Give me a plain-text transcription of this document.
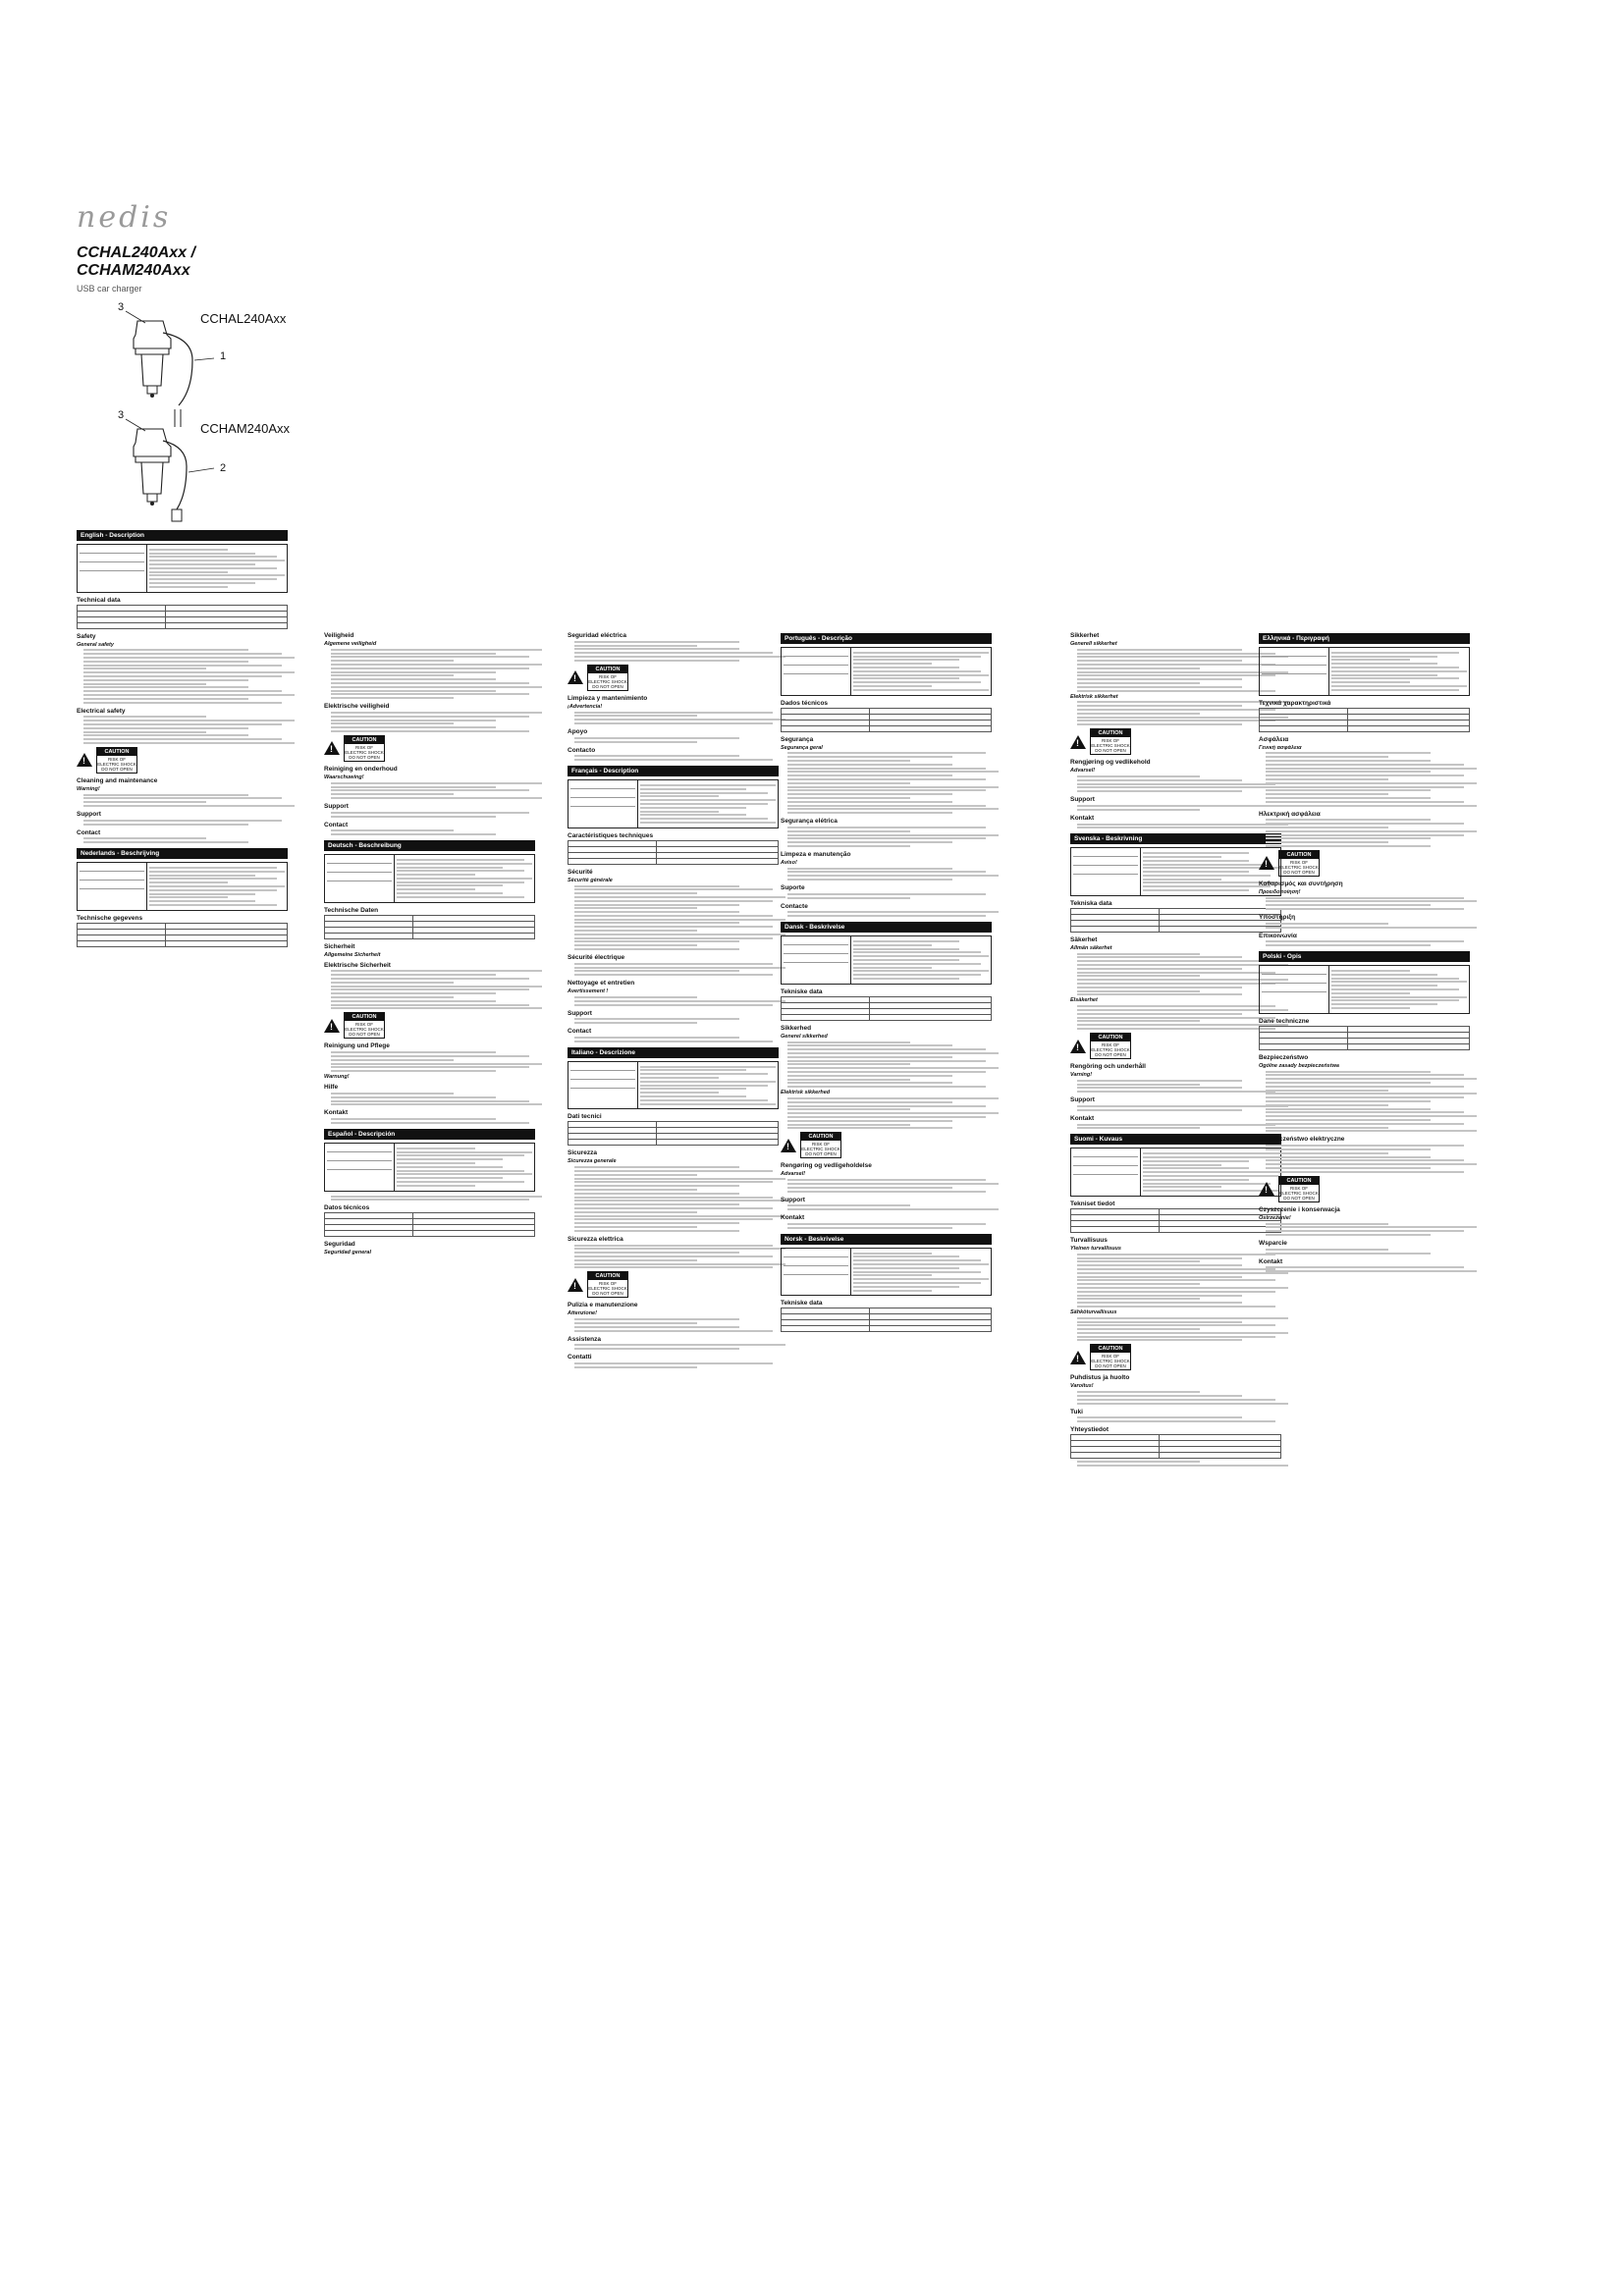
nedis
CCHAL240Axx / CCHAM240Axx
USB car charger
3
CCHAL240Axx
1
3
CCHAM240Axx
2
English - Description
Technical data

Safety
General safety
Electrical safety
!
CAUTION
RISK OF ELECTRIC SHOCK
DO NOT OPEN
Cleaning and maintenance
Warning!
Support
Contact
Nederlands - Beschrijving
Technische gegevens

Veiligheid
Algemene veiligheid
Elektrische veiligheid
!
CAUTION
RISK OF ELECTRIC SHOCK
DO NOT OPEN
Reiniging en onderhoud
Waarschuwing!
Support
Contact
Deutsch - Beschreibung
Technische Daten

Sicherheit
Allgemeine Sicherheit
Elektrische Sicherheit
!
CAUTION
RISK OF ELECTRIC SHOCK
DO NOT OPEN
Reinigung und Pflege
Warnung!
Hilfe
Kontakt
Español - Descripción
Datos técnicos

Seguridad
Seguridad general
Seguridad eléctrica
!
CAUTION
RISK OF ELECTRIC SHOCK
DO NOT OPEN
Limpieza y mantenimiento
¡Advertencia!
Apoyo
Contacto
Français - Description
Caractéristiques techniques

Sécurité
Sécurité générale
Sécurité électrique
Nettoyage et entretien
Avertissement !
Support
Contact
Italiano - Descrizione
Dati tecnici

Sicurezza
Sicurezza generale
Sicurezza elettrica
!
CAUTION
RISK OF ELECTRIC SHOCK
DO NOT OPEN
Pulizia e manutenzione
Attenzione!
Assistenza
Contatti
Português - Descrição
Dados técnicos

Segurança
Segurança geral
Segurança elétrica
Limpeza e manutenção
Aviso!
Suporte
Contacte
Dansk - Beskrivelse
Tekniske data

Sikkerhed
Generel sikkerhed
Elektrisk sikkerhed
!
CAUTION
RISK OF ELECTRIC SHOCK
DO NOT OPEN
Rengøring og vedligeholdelse
Advarsel!
Support
Kontakt
Norsk - Beskrivelse
Tekniske data

Sikkerhet
Generell sikkerhet
Elektrisk sikkerhet
!
CAUTION
RISK OF ELECTRIC SHOCK
DO NOT OPEN
Rengjøring og vedlikehold
Advarsel!
Support
Kontakt
Svenska - Beskrivning
Tekniska data

Säkerhet
Allmän säkerhet
Elsäkerhet
!
CAUTION
RISK OF ELECTRIC SHOCK
DO NOT OPEN
Rengöring och underhåll
Varning!
Support
Kontakt
Suomi - Kuvaus
Tekniset tiedot

Turvallisuus
Yleinen turvallisuus
Sähköturvallisuus
!
CAUTION
RISK OF ELECTRIC SHOCK
DO NOT OPEN
Puhdistus ja huolto
Varoitus!
Tuki
Yhteystiedot

Ελληνικά - Περιγραφή
Τεχνικά χαρακτηριστικά

Ασφάλεια
Γενική ασφάλεια
Ηλεκτρική ασφάλεια
!
CAUTION
RISK OF ELECTRIC SHOCK
DO NOT OPEN
Καθαρισμός και συντήρηση
Προειδοποίηση!
Υποστήριξη
Επικοινωνία
Polski - Opis
Dane techniczne

Bezpieczeństwo
Ogólne zasady bezpieczeństwa
Bezpieczeństwo elektryczne
!
CAUTION
RISK OF ELECTRIC SHOCK
DO NOT OPEN
Czyszczenie i konserwacja
Ostrzeżenie!
Wsparcie
Kontakt
